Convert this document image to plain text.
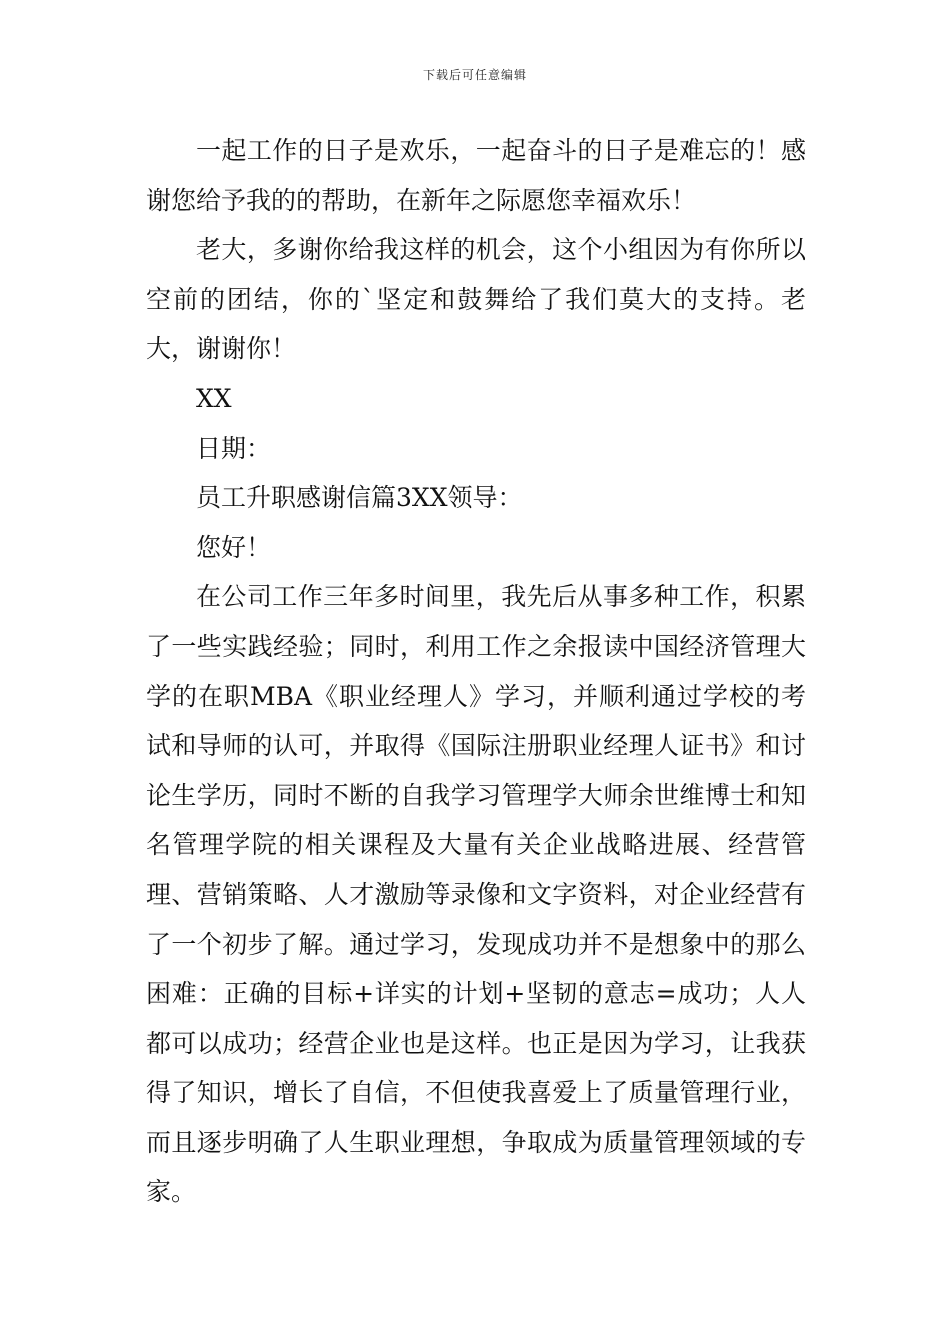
下载后可任意编辑

一起工作的日子是欢乐，一起奋斗的日子是难忘的！感谢您给予我的的帮助，在新年之际愿您幸福欢乐！

老大，多谢你给我这样的机会，这个小组因为有你所以空前的团结，你的`坚定和鼓舞给了我们莫大的支持。老大，谢谢你！

XX

日期：

员工升职感谢信篇3XX领导：

您好！

在公司工作三年多时间里，我先后从事多种工作，积累了一些实践经验；同时，利用工作之余报读中国经济管理大学的在职MBA《职业经理人》学习，并顺利通过学校的考试和导师的认可，并取得《国际注册职业经理人证书》和讨论生学历，同时不断的自我学习管理学大师余世维博士和知名管理学院的相关课程及大量有关企业战略进展、经营管理、营销策略、人才激励等录像和文字资料，对企业经营有了一个初步了解。通过学习，发现成功并不是想象中的那么困难：正确的目标+详实的计划+坚韧的意志=成功；人人都可以成功；经营企业也是这样。也正是因为学习，让我获得了知识，增长了自信，不但使我喜爱上了质量管理行业，而且逐步明确了人生职业理想，争取成为质量管理领域的专家。
